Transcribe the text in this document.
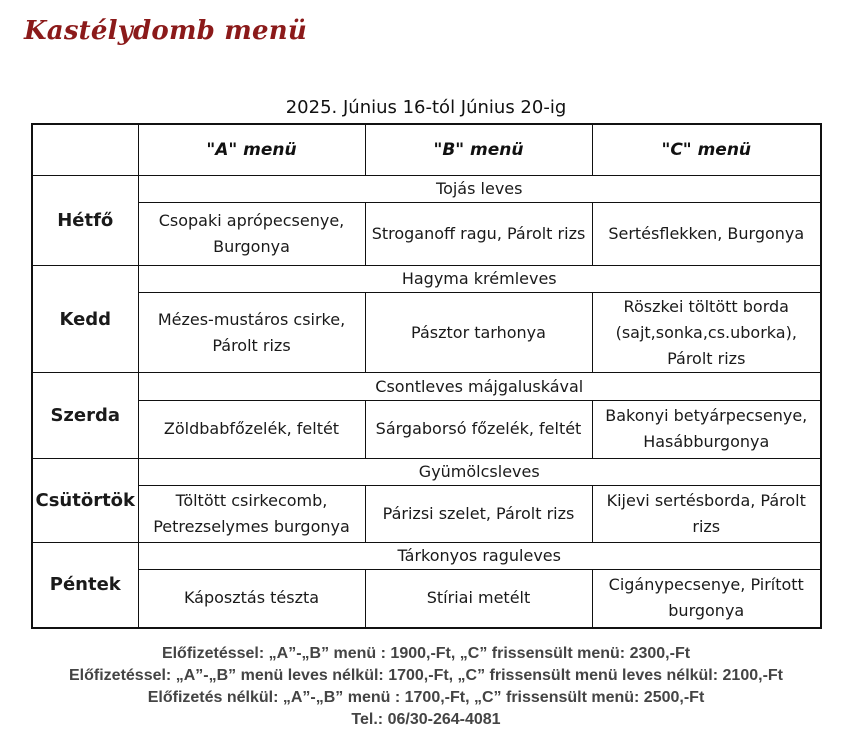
Kastélydomb menü
2025. Június 16-tól Június 20-ig
	"A" menü	"B" menü	"C" menü
Hétfő	Tojás leves		
	Csopaki aprópecsenye, Burgonya	Stroganoff ragu, Párolt rizs	Sertésflekken, Burgonya
Kedd	Hagyma krémleves		
	Mézes-mustáros csirke, Párolt rizs	Pásztor tarhonya	Röszkei töltött borda (sajt,sonka,cs.uborka), Párolt rizs
Szerda	Csontleves májgaluskával		
	Zöldbabfőzelék, feltét	Sárgaborsó főzelék, feltét	Bakonyi betyárpecsenye, Hasábburgonya
Csütörtök	Gyümölcsleves		
	Töltött csirkecomb, Petrezselymes burgonya	Párizsi szelet, Párolt rizs	Kijevi sertésborda, Párolt rizs
Péntek	Tárkonyos raguleves		
	Káposztás tészta	Stíriai metélt	Cigánypecsenye, Pirított burgonya
Előfizetéssel: „A”-„B” menü : 1900,-Ft, „C” frissensült menü: 2300,-Ft
Előfizetéssel: „A”-„B” menü leves nélkül: 1700,-Ft, „C” frissensült menü leves nélkül: 2100,-Ft
Előfizetés nélkül: „A”-„B” menü : 1700,-Ft, „C” frissensült menü: 2500,-Ft
Tel.: 06/30-264-4081
